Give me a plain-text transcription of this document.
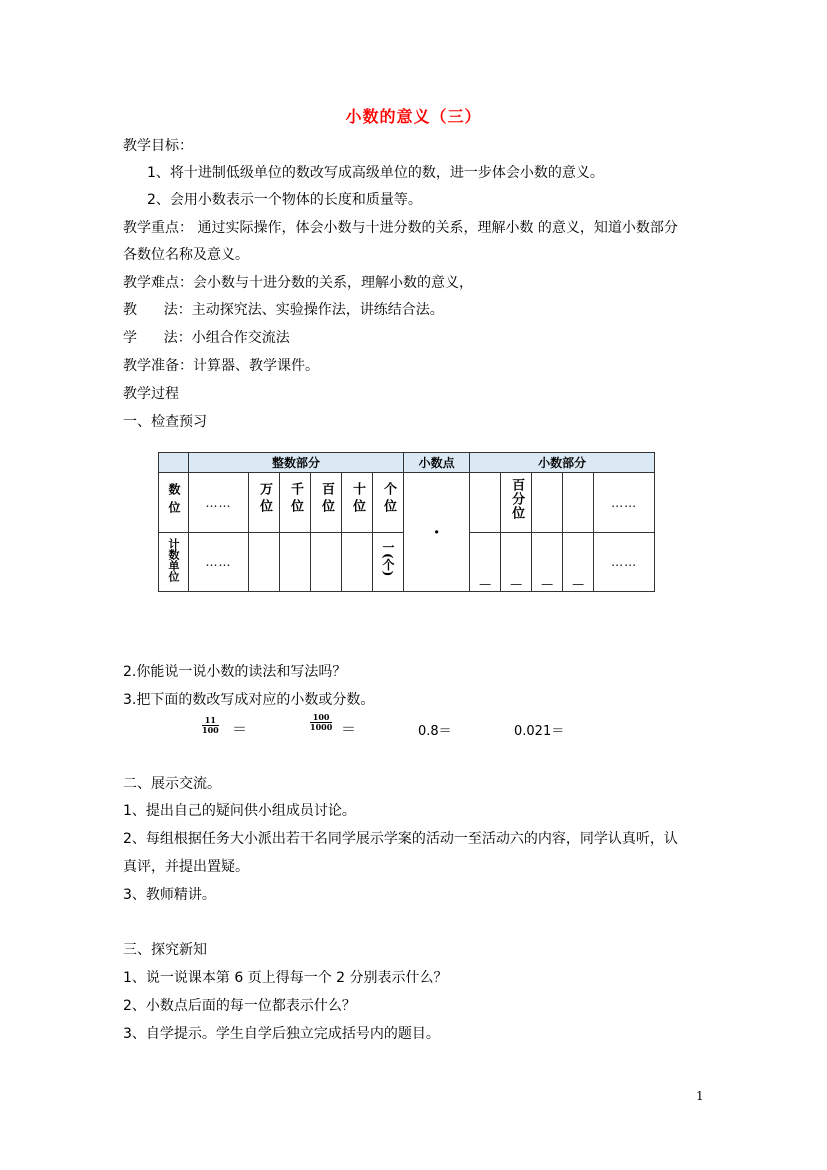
小数的意义（三）
教学目标：
1、将十进制低级单位的数改写成高级单位的数，进一步体会小数的意义。
2、会用小数表示一个物体的长度和质量等。
教学重点： 通过实际操作，体会小数与十进分数的关系，理解小数 的意义，知道小数部分
各数位名称及意义。
教学难点：会小数与十进分数的关系，理解小数的意义，
教      法：主动探究法、实验操作法，讲练结合法。
学      法：小组合作交流法
教学准备：计算器、教学课件。
教学过程
一、检查预习
	整数部分						小数点	小数部分				
数位	……	万位	千位	百位	十位	个位	·		百分位			……
计数单位	……					一(个)		—	—	—	—	……
2.你能说一说小数的读法和写法吗？
3.把下面的数改写成对应的小数或分数。
11
100 ＝
100
1000 ＝	0.8＝	0.021＝
二、展示交流。
1、提出自己的疑问供小组成员讨论。
2、每组根据任务大小派出若干名同学展示学案的活动一至活动六的内容，同学认真听，认
真评，并提出置疑。
3、教师精讲。
三、探究新知
1、说一说课本第 6 页上得每一个 2 分别表示什么？
2、小数点后面的每一位都表示什么？
3、自学提示。学生自学后独立完成括号内的题目。
1
